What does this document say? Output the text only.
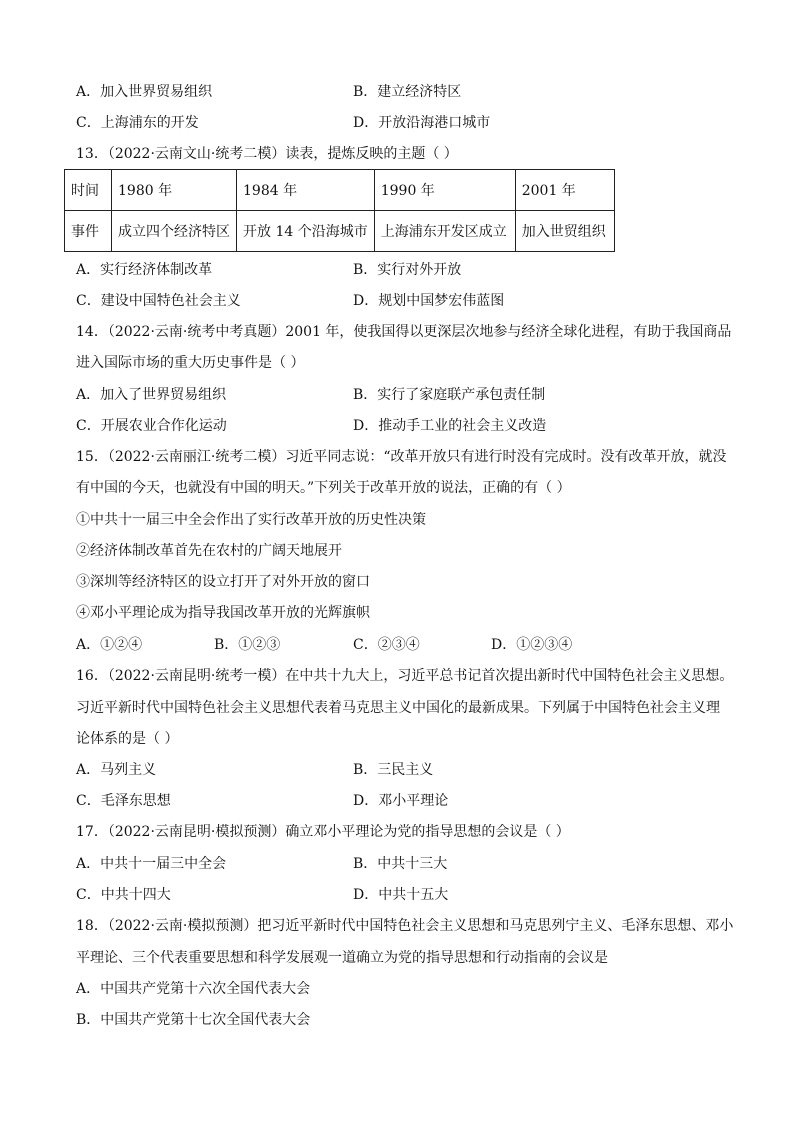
A．加入世界贸易组织	B．建立经济特区
C．上海浦东的开发	D．开放沿海港口城市
13．（2022·云南文山·统考二模）读表，提炼反映的主题（ ）
时间	1980 年	1984 年	1990 年	2001 年
事件	成立四个经济特区	开放 14 个沿海城市	上海浦东开发区成立	加入世贸组织
A．实行经济体制改革	B．实行对外开放
C．建设中国特色社会主义	D．规划中国梦宏伟蓝图
14．（2022·云南·统考中考真题）2001 年，使我国得以更深层次地参与经济全球化进程，有助于我国商品
进入国际市场的重大历史事件是（ ）
A．加入了世界贸易组织	B．实行了家庭联产承包责任制
C．开展农业合作化运动	D．推动手工业的社会主义改造
15．（2022·云南丽江·统考二模）习近平同志说：“改革开放只有进行时没有完成时。没有改革开放，就没
有中国的今天，也就没有中国的明天。”下列关于改革开放的说法，正确的有（ ）
①中共十一届三中全会作出了实行改革开放的历史性决策
②经济体制改革首先在农村的广阔天地展开
③深圳等经济特区的设立打开了对外开放的窗口
④邓小平理论成为指导我国改革开放的光辉旗帜
A．①②④	B．①②③	C．②③④	D．①②③④
16．（2022·云南昆明·统考一模）在中共十九大上，习近平总书记首次提出新时代中国特色社会主义思想。
习近平新时代中国特色社会主义思想代表着马克思主义中国化的最新成果。下列属于中国特色社会主义理
论体系的是（ ）
A．马列主义	B．三民主义
C．毛泽东思想	D．邓小平理论
17．（2022·云南昆明·模拟预测）确立邓小平理论为党的指导思想的会议是（ ）
A．中共十一届三中全会	B．中共十三大
C．中共十四大	D．中共十五大
18．（2022·云南·模拟预测）把习近平新时代中国特色社会主义思想和马克思列宁主义、毛泽东思想、邓小
平理论、三个代表重要思想和科学发展观一道确立为党的指导思想和行动指南的会议是
A．中国共产党第十六次全国代表大会
B．中国共产党第十七次全国代表大会
